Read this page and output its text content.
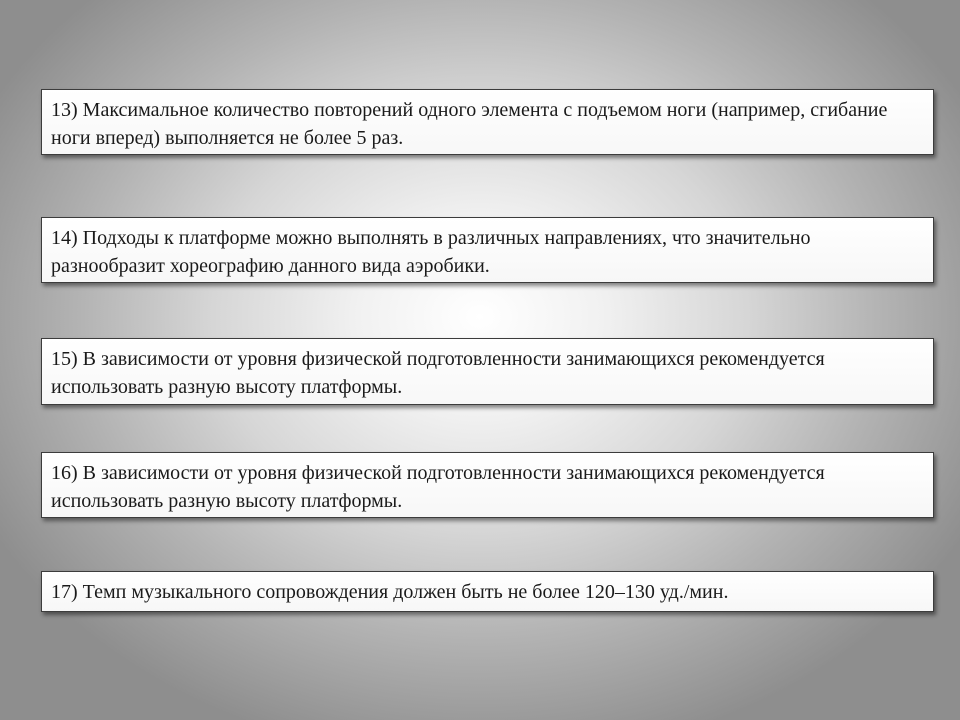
13) Максимальное количество повторений одного элемента с подъемом ноги (например, сгибание ноги вперед) выполняется не более 5 раз.
14) Подходы к платформе можно выполнять в различных направлениях, что значительно разнообразит хореографию данного вида аэробики.
15) В зависимости от уровня физической подготовленности занимающихся рекомендуется использовать разную высоту платформы.
16) В зависимости от уровня физической подготовленности занимающихся рекомендуется использовать разную высоту платформы.
17) Темп музыкального сопровождения должен быть не более 120–130 уд./мин.
